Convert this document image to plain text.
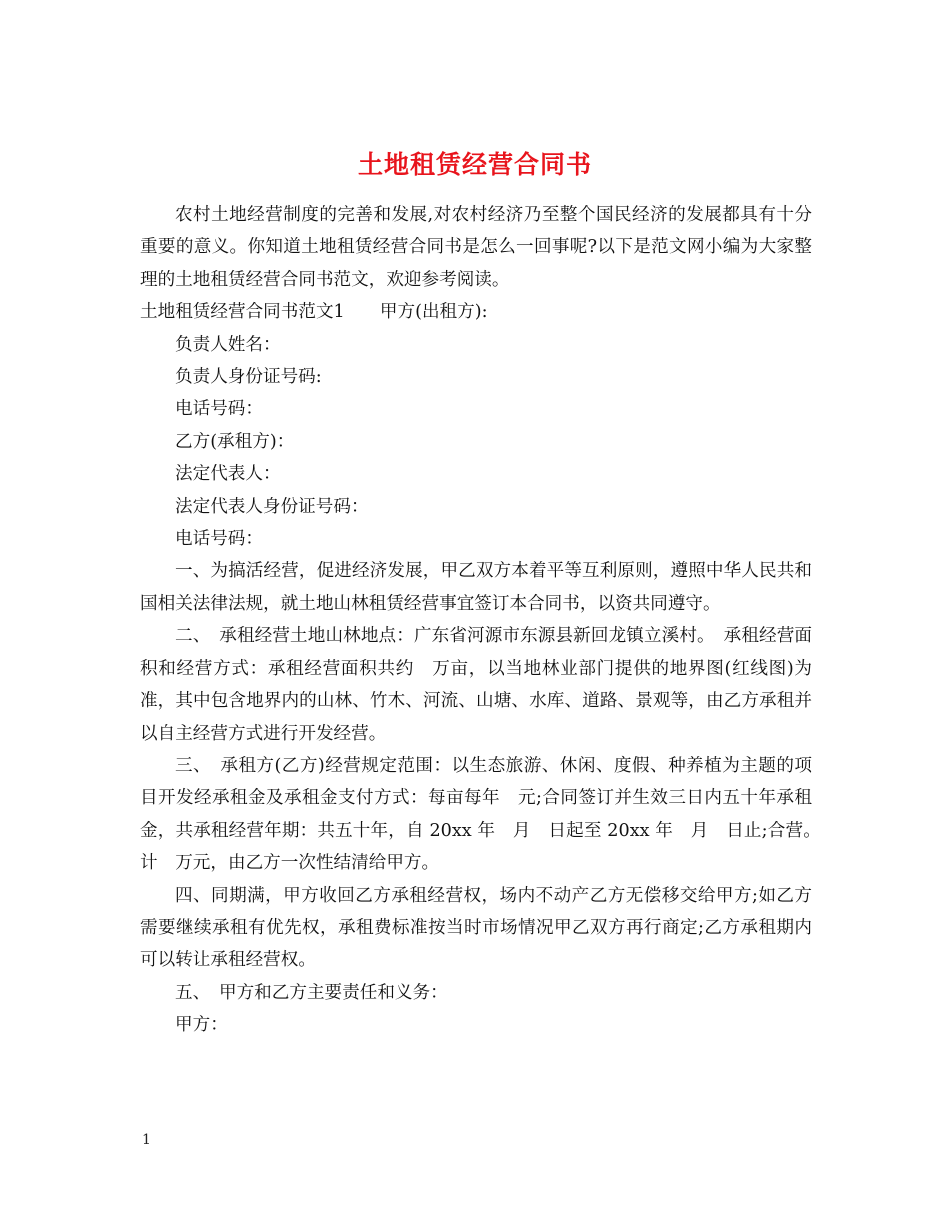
土地租赁经营合同书

农村土地经营制度的完善和发展,对农村经济乃至整个国民经济的发展都具有十分重要的意义。你知道土地租赁经营合同书是怎么一回事呢?以下是范文网小编为大家整理的土地租赁经营合同书范文，欢迎参考阅读。

土地租赁经营合同书范文1　　甲方(出租方):

负责人姓名：

负责人身份证号码:

电话号码：

乙方(承租方)：

法定代表人：

法定代表人身份证号码：

电话号码：

一、为搞活经营，促进经济发展，甲乙双方本着平等互利原则，遵照中华人民共和国相关法律法规，就土地山林租赁经营事宜签订本合同书，以资共同遵守。

二、　承租经营土地山林地点：广东省河源市东源县新回龙镇立溪村。　承租经营面积和经营方式：承租经营面积共约　万亩，以当地林业部门提供的地界图(红线图)为准，其中包含地界内的山林、竹木、河流、山塘、水库、道路、景观等，由乙方承租并以自主经营方式进行开发经营。

三、　承租方(乙方)经营规定范围：以生态旅游、休闲、度假、种养植为主题的项目开发经承租金及承租金支付方式：每亩每年　元;合同签订并生效三日内五十年承租金，共承租经营年期：共五十年，自 20xx 年　月　日起至 20xx 年　月　日止;合营。　计　万元，由乙方一次性结清给甲方。

四、同期满，甲方收回乙方承租经营权，场内不动产乙方无偿移交给甲方;如乙方需要继续承租有优先权，承租费标准按当时市场情况甲乙双方再行商定;乙方承租期内可以转让承租经营权。

五、　甲方和乙方主要责任和义务：

甲方：

1
